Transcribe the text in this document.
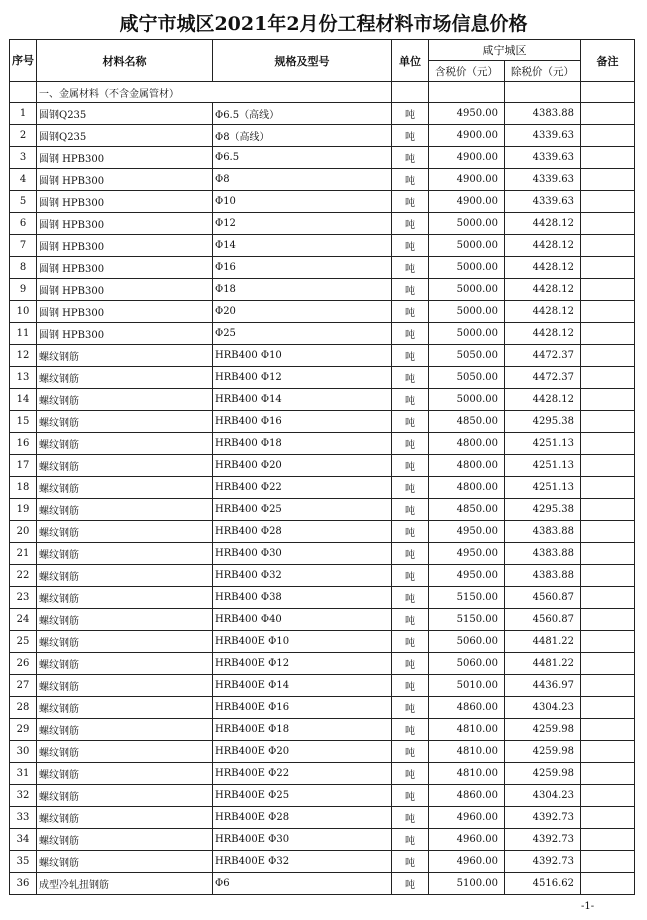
咸宁市城区2021年2月份工程材料市场信息价格
序号	材料名称	规格及型号	单位	咸宁城区		备注
				含税价（元）	除税价（元）	
	一、金属材料（不含金属管材）					
1	圆钢Q235	Φ6.5（高线）	吨	4950.00	4383.88	
2	圆钢Q235	Φ8（高线）	吨	4900.00	4339.63	
3	圆钢 HPB300	Φ6.5	吨	4900.00	4339.63	
4	圆钢 HPB300	Φ8	吨	4900.00	4339.63	
5	圆钢 HPB300	Φ10	吨	4900.00	4339.63	
6	圆钢 HPB300	Φ12	吨	5000.00	4428.12	
7	圆钢 HPB300	Φ14	吨	5000.00	4428.12	
8	圆钢 HPB300	Φ16	吨	5000.00	4428.12	
9	圆钢 HPB300	Φ18	吨	5000.00	4428.12	
10	圆钢 HPB300	Φ20	吨	5000.00	4428.12	
11	圆钢 HPB300	Φ25	吨	5000.00	4428.12	
12	螺纹钢筋	HRB400 Φ10	吨	5050.00	4472.37	
13	螺纹钢筋	HRB400 Φ12	吨	5050.00	4472.37	
14	螺纹钢筋	HRB400 Φ14	吨	5000.00	4428.12	
15	螺纹钢筋	HRB400 Φ16	吨	4850.00	4295.38	
16	螺纹钢筋	HRB400 Φ18	吨	4800.00	4251.13	
17	螺纹钢筋	HRB400 Φ20	吨	4800.00	4251.13	
18	螺纹钢筋	HRB400 Φ22	吨	4800.00	4251.13	
19	螺纹钢筋	HRB400 Φ25	吨	4850.00	4295.38	
20	螺纹钢筋	HRB400 Φ28	吨	4950.00	4383.88	
21	螺纹钢筋	HRB400 Φ30	吨	4950.00	4383.88	
22	螺纹钢筋	HRB400 Φ32	吨	4950.00	4383.88	
23	螺纹钢筋	HRB400 Φ38	吨	5150.00	4560.87	
24	螺纹钢筋	HRB400 Φ40	吨	5150.00	4560.87	
25	螺纹钢筋	HRB400E Φ10	吨	5060.00	4481.22	
26	螺纹钢筋	HRB400E Φ12	吨	5060.00	4481.22	
27	螺纹钢筋	HRB400E Φ14	吨	5010.00	4436.97	
28	螺纹钢筋	HRB400E Φ16	吨	4860.00	4304.23	
29	螺纹钢筋	HRB400E Φ18	吨	4810.00	4259.98	
30	螺纹钢筋	HRB400E Φ20	吨	4810.00	4259.98	
31	螺纹钢筋	HRB400E Φ22	吨	4810.00	4259.98	
32	螺纹钢筋	HRB400E Φ25	吨	4860.00	4304.23	
33	螺纹钢筋	HRB400E Φ28	吨	4960.00	4392.73	
34	螺纹钢筋	HRB400E Φ30	吨	4960.00	4392.73	
35	螺纹钢筋	HRB400E Φ32	吨	4960.00	4392.73	
36	成型冷轧扭钢筋	Φ6	吨	5100.00	4516.62	
-1-
